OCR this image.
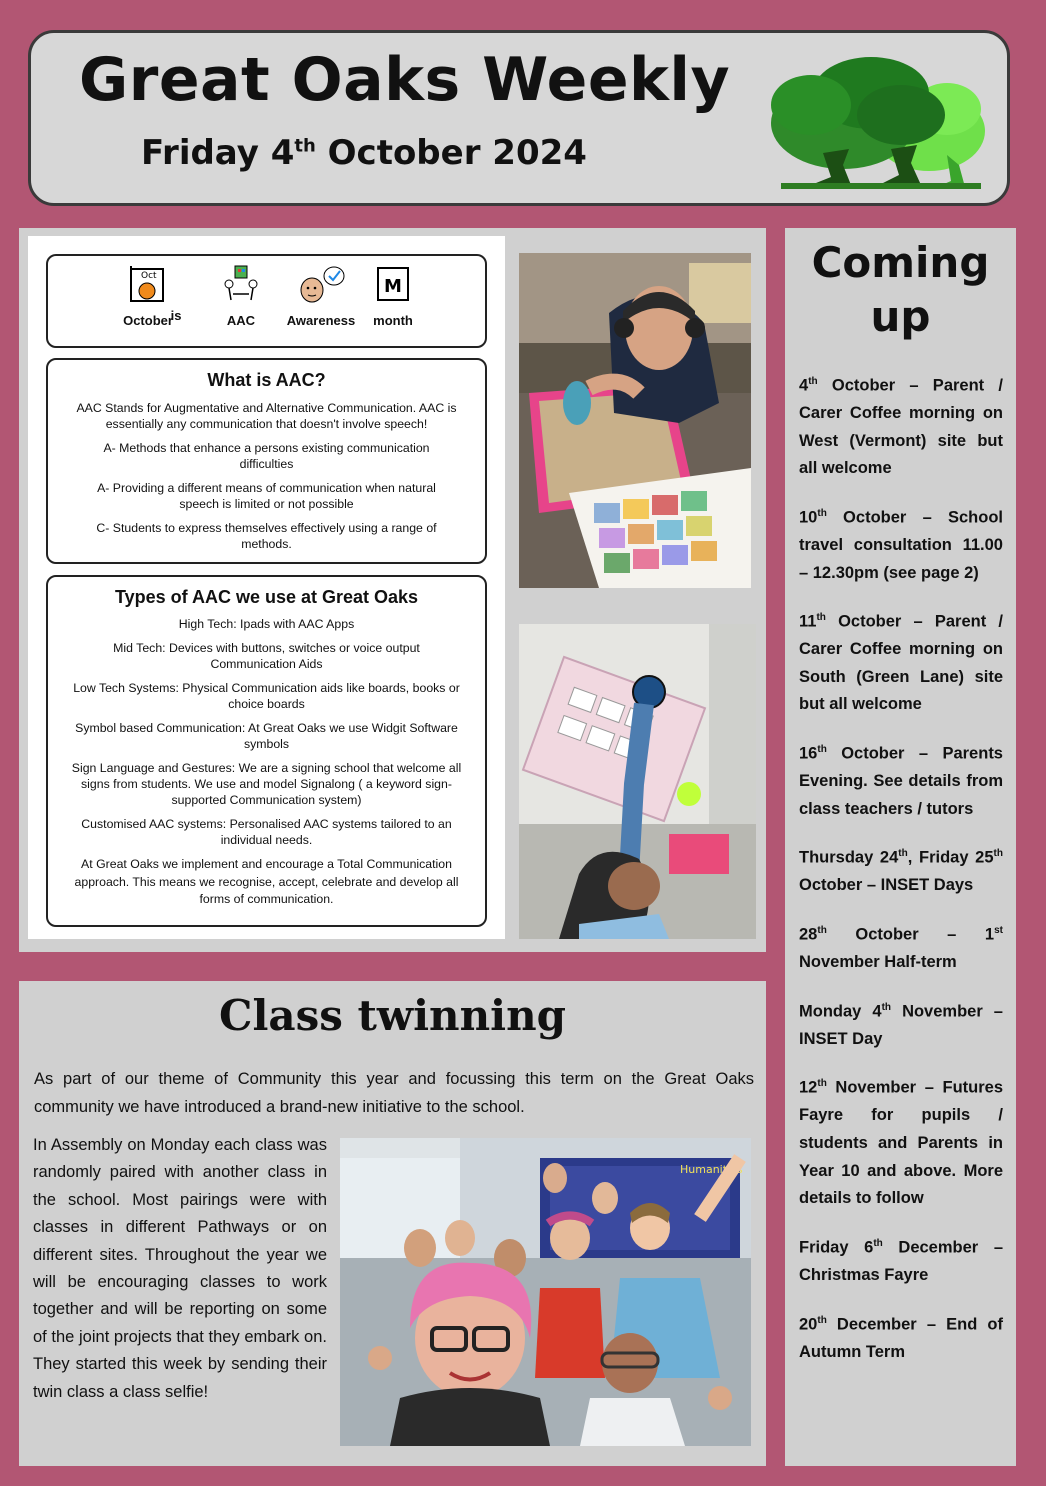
Great Oaks Weekly
Friday 4th October 2024
Oct
October
is	AAC	Awareness
M
month
What is AAC?

AAC Stands for Augmentative and Alternative Communication. AAC is essentially any communication that doesn't involve speech!

A- Methods that enhance a persons existing communication difficulties

A- Providing a different means of communication when natural speech is limited or not possible

C- Students to express themselves effectively using a range of methods.

Types of AAC we use at Great Oaks

High Tech: Ipads with AAC Apps

Mid Tech: Devices with buttons, switches or voice output Communication Aids

Low Tech Systems: Physical Communication aids like boards, books or choice boards

Symbol based Communication: At Great Oaks we use Widgit Software symbols

Sign Language and Gestures: We are a signing school that welcome all signs from students. We use and model Signalong ( a keyword sign-supported Communication system)

Customised AAC systems: Personalised AAC systems tailored to an individual needs.

At Great Oaks we implement and encourage a Total Communication approach. This means we recognise, accept, celebrate and develop all forms of communication.

Class twinning
As part of our theme of Community this year and focussing this term on the Great Oaks community we have introduced a brand-new initiative to the school.
In Assembly on Monday each class was randomly paired with another class in the school. Most pairings were with classes in different Pathways or on different sites. Throughout the year we will be encouraging classes to work together and will be reporting on some of the joint projects that they embark on. They started this week by sending their twin class a class selfie!
Humanities
Coming
up
4th October – Parent / Carer Coffee morning on West (Vermont) site but all welcome
10th October – School travel consultation 11.00 – 12.30pm (see page 2)
11th October – Parent / Carer Coffee morning on South (Green Lane) site but all welcome
16th October – Parents Evening. See details from class teachers / tutors
Thursday 24th, Friday 25th October – INSET Days
28th October – 1st November Half-term
Monday 4th November – INSET Day
12th November – Futures Fayre for pupils / students and Parents in Year 10 and above. More details to follow
Friday 6th December – Christmas Fayre
20th December – End of Autumn Term
